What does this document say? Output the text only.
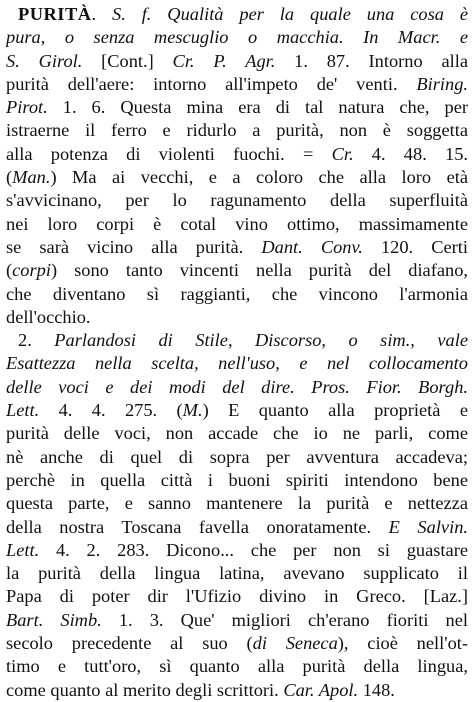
PURITÀ. S. f. Qualità per la quale una cosa è
pura, o senza mescuglio o macchia. In Macr. e
S. Girol. [Cont.] Cr. P. Agr. 1. 87. Intorno alla
purità dell'aere: intorno all'impeto de' venti. Biring.
Pirot. 1. 6. Questa mina era di tal natura che, per
istraerne il ferro e ridurlo a purità, non è soggetta
alla potenza di violenti fuochi. = Cr. 4. 48. 15.
(Man.) Ma ai vecchi, e a coloro che alla loro età
s'avvicinano, per lo ragunamento della superfluità
nei loro corpi è cotal vino ottimo, massimamente
se sarà vicino alla purità. Dant. Conv. 120. Certi
(corpi) sono tanto vincenti nella purità del diafano,
che diventano sì raggianti, che vincono l'armonia
dell'occhio.
2. Parlandosi di Stile, Discorso, o sim., vale
Esattezza nella scelta, nell'uso, e nel collocamento
delle voci e dei modi del dire. Pros. Fior. Borgh.
Lett. 4. 4. 275. (M.) E quanto alla proprietà e
purità delle voci, non accade che io ne parli, come
nè anche di quel di sopra per avventura accadeva;
perchè in quella città i buoni spiriti intendono bene
questa parte, e sanno mantenere la purità e nettezza
della nostra Toscana favella onoratamente. E Salvin.
Lett. 4. 2. 283. Dicono... che per non si guastare
la purità della lingua latina, avevano supplicato il
Papa di poter dir l'Ufizio divino in Greco. [Laz.]
Bart. Simb. 1. 3. Que' migliori ch'erano fioriti nel
secolo precedente al suo (di Seneca), cioè nell'ot-
timo e tutt'oro, sì quanto alla purità della lingua,
come quanto al merito degli scrittori. Car. Apol. 148.
